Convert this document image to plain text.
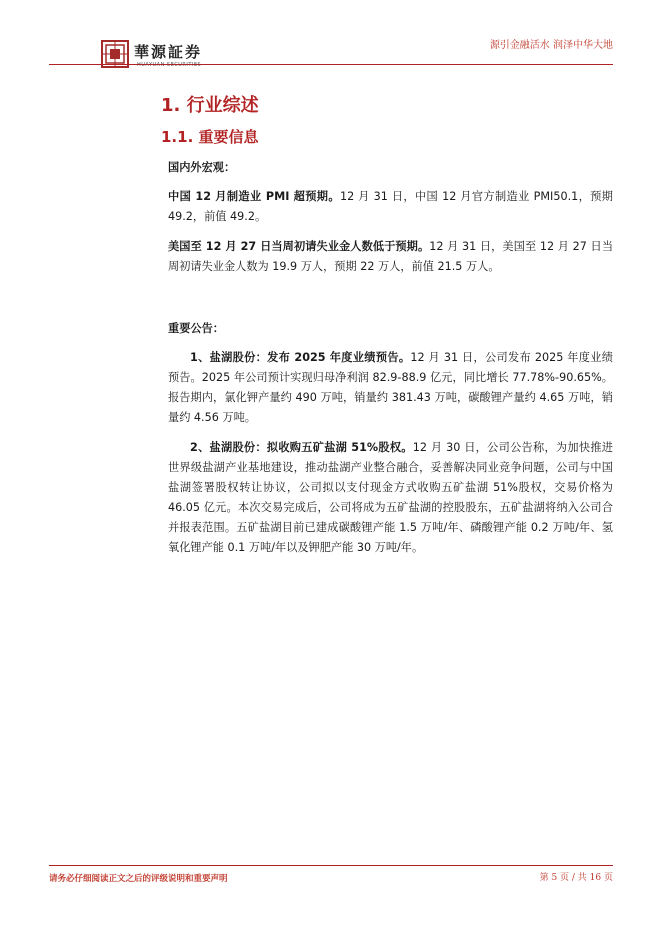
華源証券
HUAYUAN SECURITIES
源引金融活水 润泽中华大地
1. 行业综述
1.1. 重要信息

国内外宏观：

中国 12 月制造业 PMI 超预期。12 月 31 日，中国 12 月官方制造业 PMI50.1，预期 49.2，前值 49.2。

美国至 12 月 27 日当周初请失业金人数低于预期。12 月 31 日，美国至 12 月 27 日当周初请失业金人数为 19.9 万人，预期 22 万人，前值 21.5 万人。

重要公告：

1、盐湖股份：发布 2025 年度业绩预告。12 月 31 日，公司发布 2025 年度业绩预告。2025 年公司预计实现归母净利润 82.9-88.9 亿元，同比增长 77.78%-90.65%。报告期内，氯化钾产量约 490 万吨，销量约 381.43 万吨，碳酸锂产量约 4.65 万吨，销量约 4.56 万吨。

2、盐湖股份：拟收购五矿盐湖 51%股权。12 月 30 日，公司公告称，为加快推进世界级盐湖产业基地建设，推动盐湖产业整合融合，妥善解决同业竞争问题，公司与中国盐湖签署股权转让协议，公司拟以支付现金方式收购五矿盐湖 51%股权，交易价格为 46.05 亿元。本次交易完成后，公司将成为五矿盐湖的控股股东，五矿盐湖将纳入公司合并报表范围。五矿盐湖目前已建成碳酸锂产能 1.5 万吨/年、磷酸锂产能 0.2 万吨/年、氢氧化锂产能 0.1 万吨/年以及钾肥产能 30 万吨/年。

请务必仔细阅读正文之后的评级说明和重要声明	第 5 页 / 共 16 页
